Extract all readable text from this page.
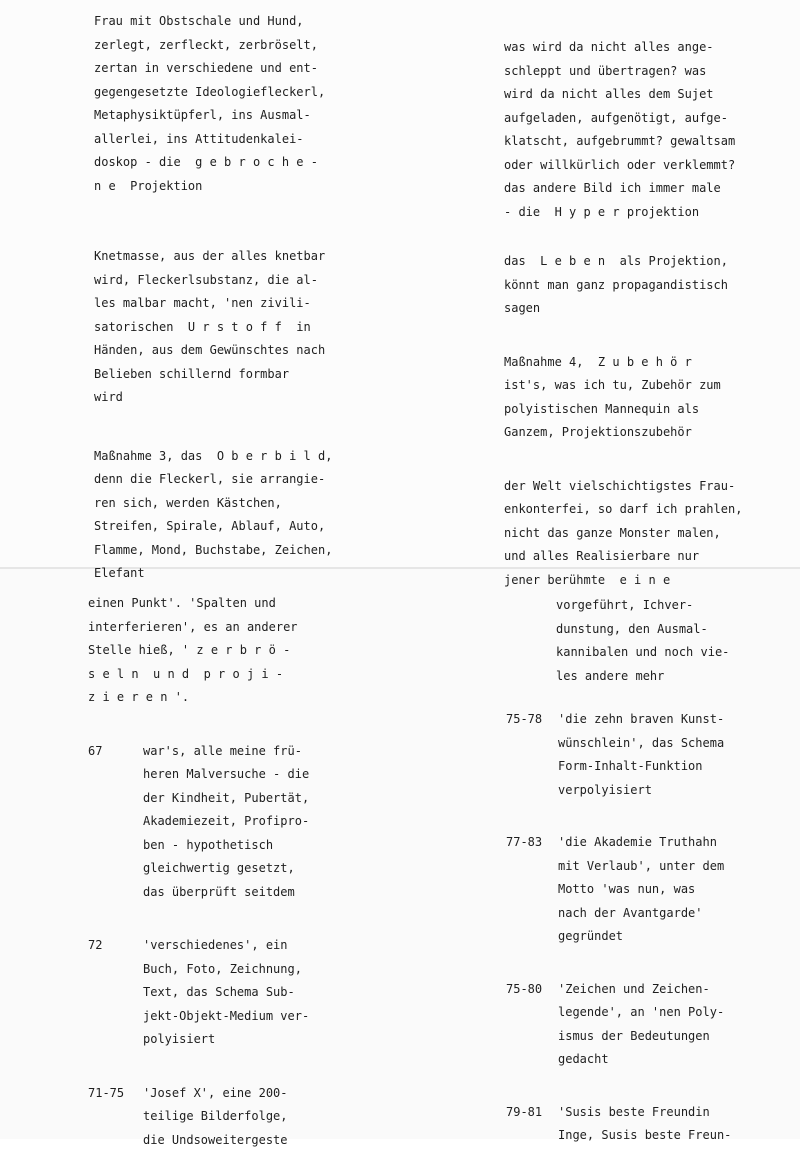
Frau mit Obstschale und Hund,
zerlegt, zerfleckt, zerbröselt,
zertan in verschiedene und ent-
gegengesetzte Ideologiefleckerl,
Metaphysiktüpferl, ins Ausmal-
allerlei, ins Attitudenkalei-
doskop - die  g e b r o c h e -
n e  Projektion
Knetmasse, aus der alles knetbar
wird, Fleckerlsubstanz, die al-
les malbar macht, 'nen zivili-
satorischen  U r s t o f f  in
Händen, aus dem Gewünschtes nach
Belieben schillernd formbar
wird
Maßnahme 3, das  O b e r b i l d,
denn die Fleckerl, sie arrangie-
ren sich, werden Kästchen,
Streifen, Spirale, Ablauf, Auto,
Flamme, Mond, Buchstabe, Zeichen,
Elefant
was wird da nicht alles ange-
schleppt und übertragen? was
wird da nicht alles dem Sujet
aufgeladen, aufgenötigt, aufge-
klatscht, aufgebrummt? gewaltsam
oder willkürlich oder verklemmt?
das andere Bild ich immer male
- die  H y p e r projektion
das  L e b e n  als Projektion,
könnt man ganz propagandistisch
sagen
Maßnahme 4,  Z u b e h ö r
ist's, was ich tu, Zubehör zum
polyistischen Mannequin als
Ganzem, Projektionszubehör
der Welt vielschichtigstes Frau-
enkonterfei, so darf ich prahlen,
nicht das ganze Monster malen,
und alles Realisierbare nur
jener berühmte  e i n e
einen Punkt'. 'Spalten und
interferieren', es an anderer
Stelle hieß, ' z e r b r ö -
s e l n  u n d  p r o j i -
z i e r e n '.
67	war's, alle meine frü-
heren Malversuche - die
der Kindheit, Pubertät,
Akademiezeit, Profipro-
ben - hypothetisch
gleichwertig gesetzt,
das überprüft seitdem
72	'verschiedenes', ein
Buch, Foto, Zeichnung,
Text, das Schema Sub-
jekt-Objekt-Medium ver-
polyisiert
71-75	'Josef X', eine 200-
teilige Bilderfolge,
die Undsoweitergeste
vorgeführt, Ichver-
dunstung, den Ausmal-
kannibalen und noch vie-
les andere mehr
75-78	'die zehn braven Kunst-
wünschlein', das Schema
Form-Inhalt-Funktion
verpolyisiert
77-83	'die Akademie Truthahn
mit Verlaub', unter dem
Motto 'was nun, was
nach der Avantgarde'
gegründet
75-80	'Zeichen und Zeichen-
legende', an 'nen Poly-
ismus der Bedeutungen
gedacht
79-81	'Susis beste Freundin
Inge, Susis beste Freun-
